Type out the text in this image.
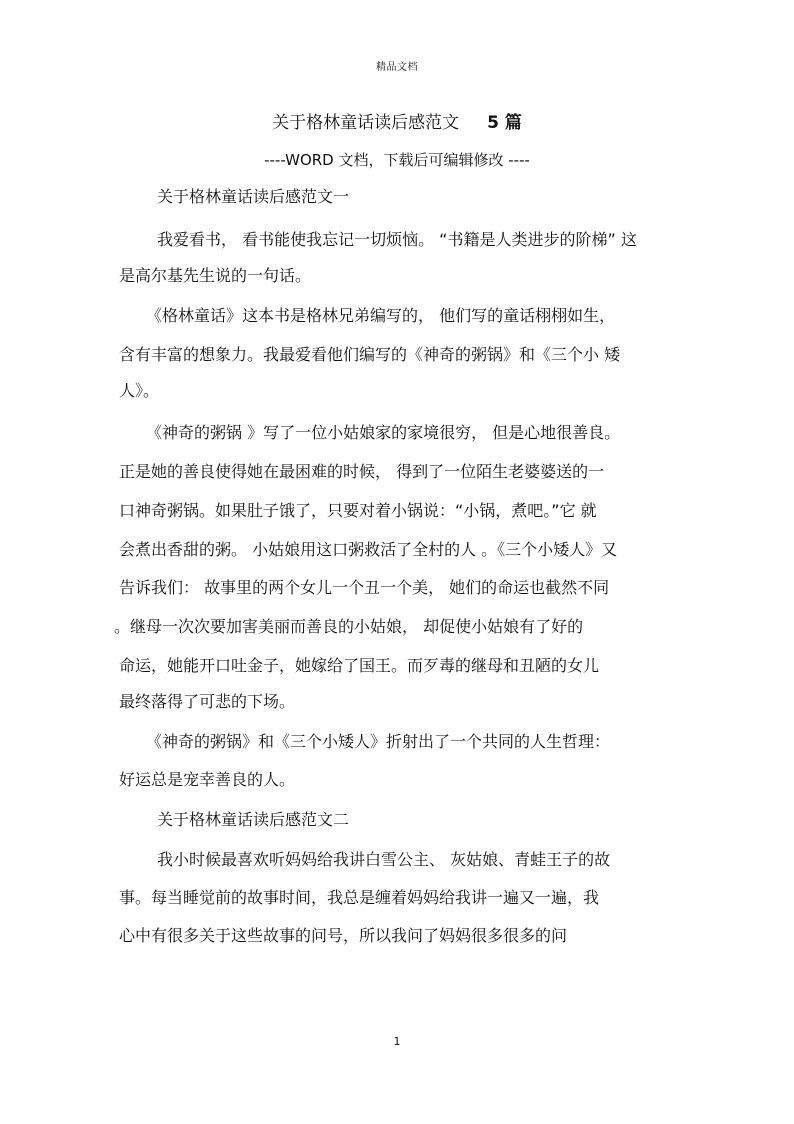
精品文档
关于格林童话读后感范文 5 篇
----WORD 文档，下载后可编辑修改 ----
关于格林童话读后感范文一
我爱看书， 看书能使我忘记一切烦恼。 “书籍是人类进步的阶梯” 这
是高尔基先生说的一句话。
《格林童话》这本书是格林兄弟编写的， 他们写的童话栩栩如生，
含有丰富的想象力。我最爱看他们编写的《神奇的粥锅》和《三个小 矮
人》。
《神奇的粥锅 》写了一位小姑娘家的家境很穷， 但是心地很善良。
正是她的善良使得她在最困难的时候， 得到了一位陌生老婆婆送的一
口神奇粥锅。如果肚子饿了，只要对着小锅说：“小锅，煮吧。”它 就
会煮出香甜的粥。 小姑娘用这口粥救活了全村的人 。《三个小矮人》又
告诉我们： 故事里的两个女儿一个丑一个美， 她们的命运也截然不同
。继母一次次要加害美丽而善良的小姑娘， 却促使小姑娘有了好的
命运，她能开口吐金子，她嫁给了国王。而歹毒的继母和丑陋的女儿
最终落得了可悲的下场。
《神奇的粥锅》和《三个小矮人》折射出了一个共同的人生哲理：
好运总是宠幸善良的人。
关于格林童话读后感范文二
我小时候最喜欢听妈妈给我讲白雪公主、 灰姑娘、青蛙王子的故
事。每当睡觉前的故事时间，我总是缠着妈妈给我讲一遍又一遍，我
心中有很多关于这些故事的问号，所以我问了妈妈很多很多的问
1
